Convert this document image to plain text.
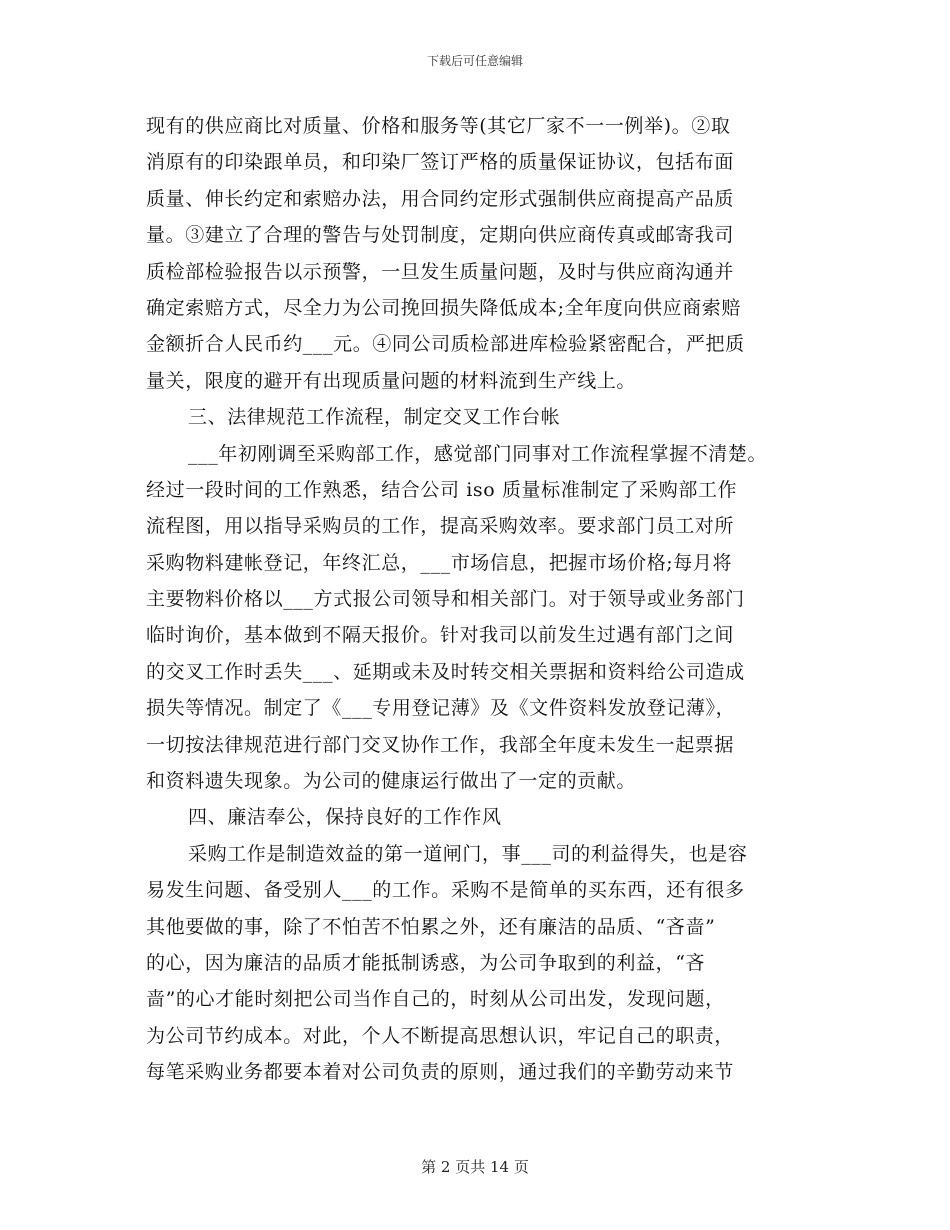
下载后可任意编辑
现有的供应商比对质量、价格和服务等(其它厂家不一一例举)。②取
消原有的印染跟单员，和印染厂签订严格的质量保证协议，包括布面
质量、伸长约定和索赔办法，用合同约定形式强制供应商提高产品质
量。③建立了合理的警告与处罚制度，定期向供应商传真或邮寄我司
质检部检验报告以示预警，一旦发生质量问题，及时与供应商沟通并
确定索赔方式，尽全力为公司挽回损失降低成本;全年度向供应商索赔
金额折合人民币约___元。④同公司质检部进库检验紧密配合，严把质
量关，限度的避开有出现质量问题的材料流到生产线上。
三、法律规范工作流程，制定交叉工作台帐
___年初刚调至采购部工作，感觉部门同事对工作流程掌握不清楚。
经过一段时间的工作熟悉，结合公司 iso 质量标准制定了采购部工作
流程图，用以指导采购员的工作，提高采购效率。要求部门员工对所
采购物料建帐登记，年终汇总，___市场信息，把握市场价格;每月将
主要物料价格以___方式报公司领导和相关部门。对于领导或业务部门
临时询价，基本做到不隔天报价。针对我司以前发生过遇有部门之间
的交叉工作时丢失___、延期或未及时转交相关票据和资料给公司造成
损失等情况。制定了《___专用登记薄》及《文件资料发放登记薄》，
一切按法律规范进行部门交叉协作工作，我部全年度未发生一起票据
和资料遗失现象。为公司的健康运行做出了一定的贡献。
四、廉洁奉公，保持良好的工作作风
采购工作是制造效益的第一道闸门，事___司的利益得失，也是容
易发生问题、备受别人___的工作。采购不是简单的买东西，还有很多
其他要做的事，除了不怕苦不怕累之外，还有廉洁的品质、“吝啬”
的心，因为廉洁的品质才能抵制诱惑，为公司争取到的利益，“吝
啬”的心才能时刻把公司当作自己的，时刻从公司出发，发现问题，
为公司节约成本。对此，个人不断提高思想认识，牢记自己的职责，
每笔采购业务都要本着对公司负责的原则，通过我们的辛勤劳动来节
第 2 页共 14 页
